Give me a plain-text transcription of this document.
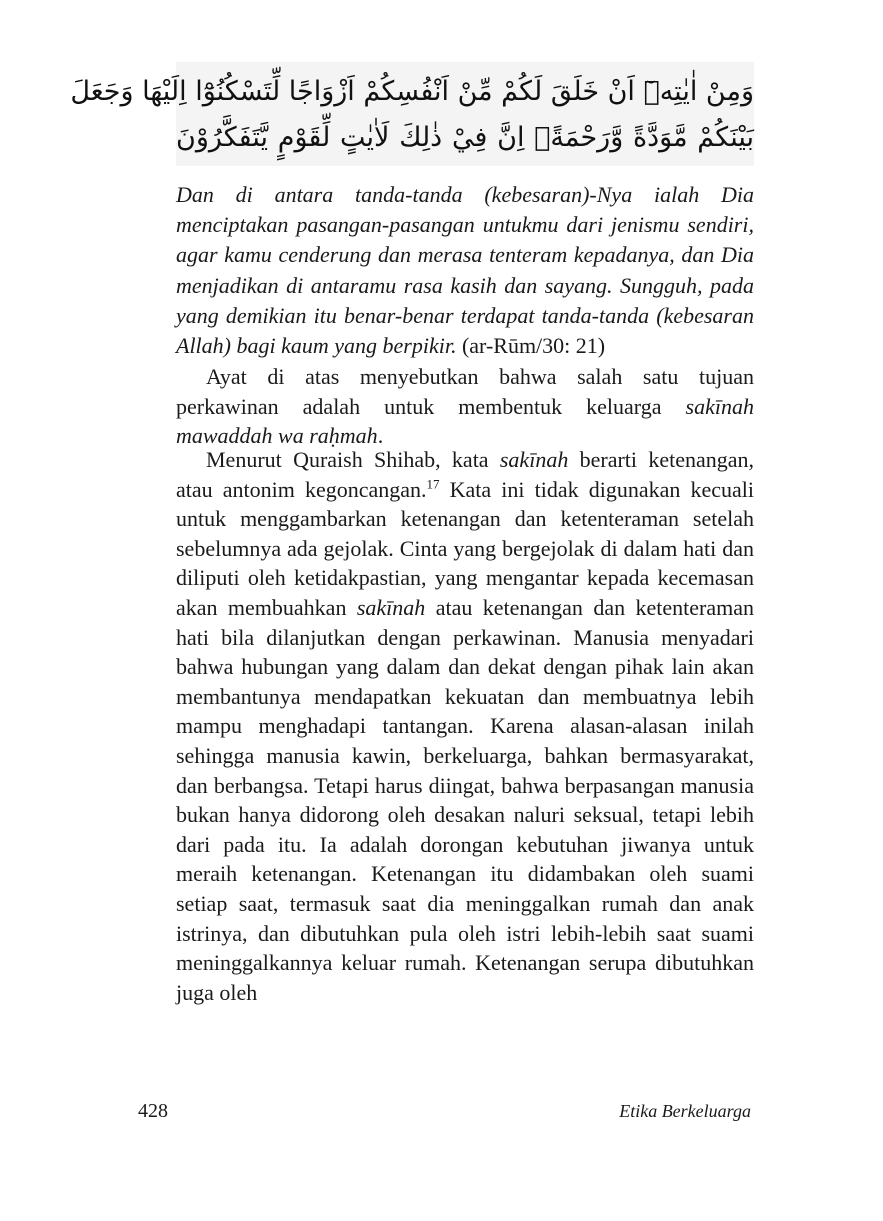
وَمِنْ اٰيٰتِهٖٓ اَنْ خَلَقَ لَكُمْ مِّنْ اَنْفُسِكُمْ اَزْوَاجًا لِّتَسْكُنُوْٓا اِلَيْهَا وَجَعَلَ
بَيْنَكُمْ مَّوَدَّةً وَّرَحْمَةًۗ اِنَّ فِيْ ذٰلِكَ لَاٰيٰتٍ لِّقَوْمٍ يَّتَفَكَّرُوْنَ
Dan di antara tanda-tanda (kebesaran)-Nya ialah Dia menciptakan pasangan-pasangan untukmu dari jenismu sendiri, agar kamu cenderung dan merasa tenteram kepadanya, dan Dia menjadikan di antaramu rasa kasih dan sayang. Sungguh, pada yang demikian itu benar-benar terdapat tanda-tanda (kebesaran Allah) bagi kaum yang berpikir. (ar-Rūm/30: 21)
Ayat di atas menyebutkan bahwa salah satu tujuan perkawinan adalah untuk membentuk keluarga sakīnah mawaddah wa raḥmah.
Menurut Quraish Shihab, kata sakīnah berarti ketenangan, atau antonim kegoncangan.$^{17}$ Kata ini tidak digunakan kecuali untuk menggambarkan ketenangan dan ketenteraman setelah sebelumnya ada gejolak. Cinta yang bergejolak di dalam hati dan diliputi oleh ketidakpastian, yang mengantar kepada kecemasan akan membuahkan sakīnah atau ketenangan dan ketenteraman hati bila dilanjutkan dengan perkawinan. Manusia menyadari bahwa hubungan yang dalam dan dekat dengan pihak lain akan membantunya mendapatkan kekuatan dan membuatnya lebih mampu menghadapi tantangan. Karena alasan-alasan inilah sehingga manusia kawin, berkeluarga, bahkan bermasyarakat, dan berbangsa. Tetapi harus diingat, bahwa berpasangan manusia bukan hanya didorong oleh desakan naluri seksual, tetapi lebih dari pada itu. Ia adalah dorongan kebutuhan jiwanya untuk meraih ketenangan. Ketenangan itu didambakan oleh suami setiap saat, termasuk saat dia meninggalkan rumah dan anak istrinya, dan dibutuhkan pula oleh istri lebih-lebih saat suami meninggalkannya keluar rumah. Ketenangan serupa dibutuhkan juga oleh
428	Etika Berkeluarga
